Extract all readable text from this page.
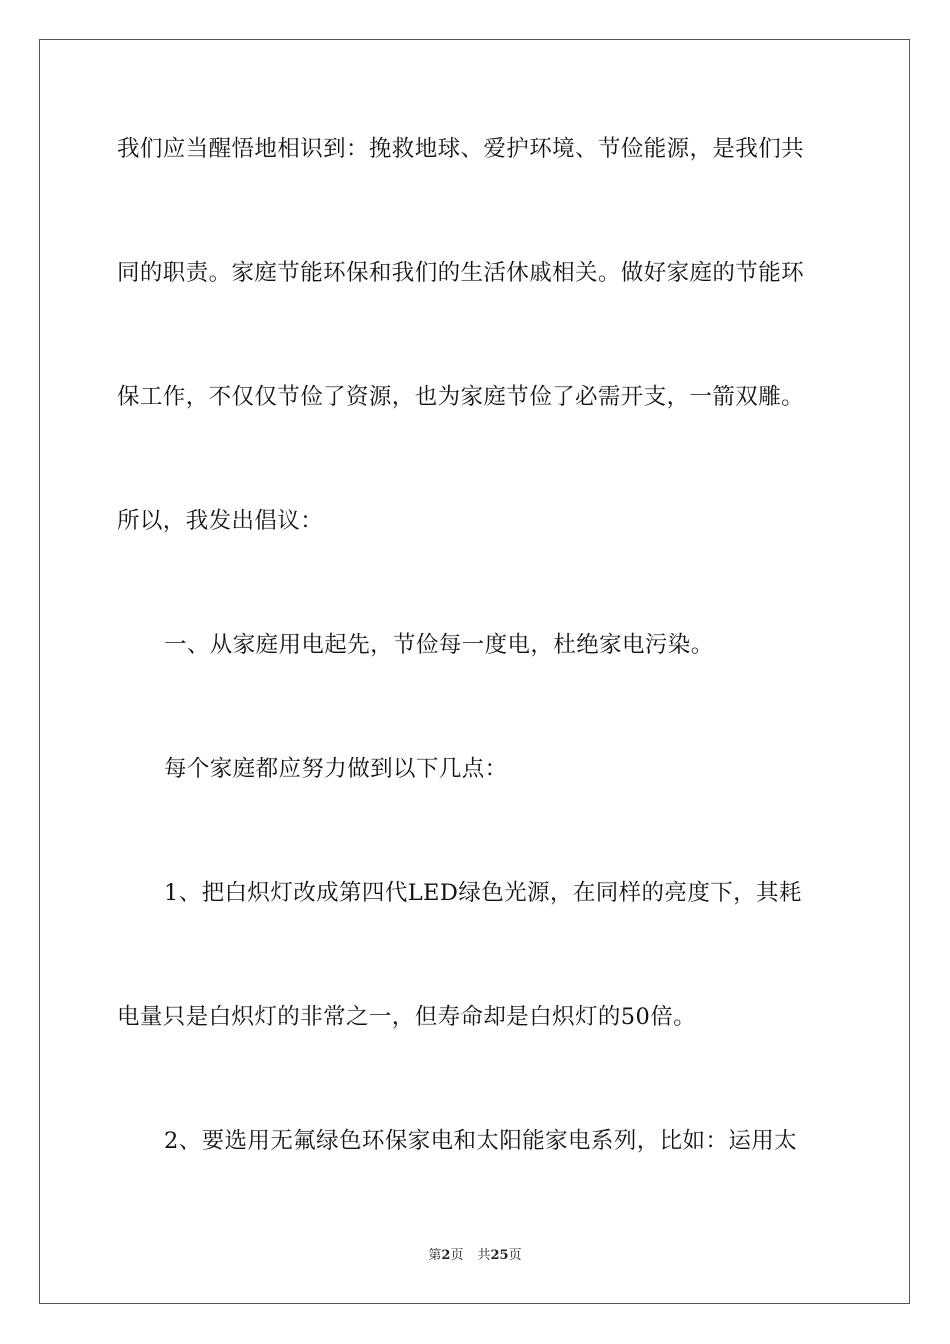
我们应当醒悟地相识到：挽救地球、爱护环境、节俭能源，是我们共
同的职责。家庭节能环保和我们的生活休戚相关。做好家庭的节能环
保工作，不仅仅节俭了资源，也为家庭节俭了必需开支，一箭双雕。
所以，我发出倡议：
一、从家庭用电起先，节俭每一度电，杜绝家电污染。
每个家庭都应努力做到以下几点：
1、把白炽灯改成第四代LED绿色光源，在同样的亮度下，其耗
电量只是白炽灯的非常之一，但寿命却是白炽灯的50倍。
2、要选用无氟绿色环保家电和太阳能家电系列，比如：运用太
第2页 共25页
